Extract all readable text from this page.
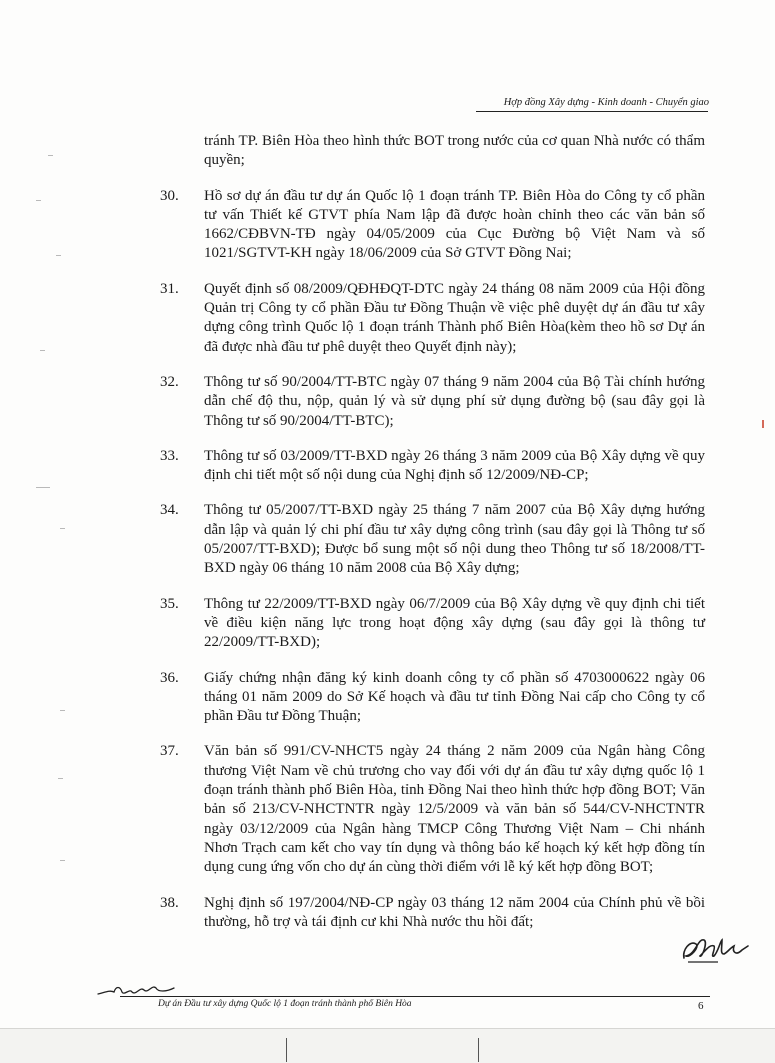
Hợp đồng Xây dựng - Kinh doanh - Chuyển giao

tránh TP. Biên Hòa theo hình thức BOT trong nước của cơ quan Nhà nước có thẩm quyền;

30.	Hồ sơ dự án đầu tư dự án Quốc lộ 1 đoạn tránh TP. Biên Hòa do Công ty cổ phần tư vấn Thiết kế GTVT phía Nam lập đã được hoàn chỉnh theo các văn bản số 1662/CĐBVN-TĐ ngày 04/05/2009 của Cục Đường bộ Việt Nam và số 1021/SGTVT-KH ngày 18/06/2009 của Sở GTVT Đồng Nai;
31.	Quyết định số 08/2009/QĐHĐQT-DTC ngày 24 tháng 08 năm 2009 của Hội đồng Quản trị Công ty cổ phần Đầu tư Đồng Thuận về việc phê duyệt dự án đầu tư xây dựng công trình Quốc lộ 1 đoạn tránh Thành phố Biên Hòa(kèm theo hồ sơ Dự án đã được nhà đầu tư phê duyệt theo Quyết định này);
32.	Thông tư số 90/2004/TT-BTC ngày 07 tháng 9 năm 2004 của Bộ Tài chính hướng dẫn chế độ thu, nộp, quản lý và sử dụng phí sử dụng đường bộ (sau đây gọi là Thông tư số 90/2004/TT-BTC);
33.	Thông tư số 03/2009/TT-BXD ngày 26 tháng 3 năm 2009 của Bộ Xây dựng về quy định chi tiết một số nội dung của Nghị định số 12/2009/NĐ-CP;
34.	Thông tư 05/2007/TT-BXD ngày 25 tháng 7 năm 2007 của Bộ Xây dựng hướng dẫn lập và quản lý chi phí đầu tư xây dựng công trình (sau đây gọi là Thông tư số 05/2007/TT-BXD); Được bổ sung một số nội dung theo Thông tư số 18/2008/TT-BXD ngày 06 tháng 10 năm 2008 của Bộ Xây dựng;
35.	Thông tư 22/2009/TT-BXD ngày 06/7/2009 của Bộ Xây dựng về quy định chi tiết về điều kiện năng lực trong hoạt động xây dựng (sau đây gọi là thông tư 22/2009/TT-BXD);
36.	Giấy chứng nhận đăng ký kinh doanh công ty cổ phần số 4703000622 ngày 06 tháng 01 năm 2009 do Sở Kế hoạch và đầu tư tỉnh Đồng Nai cấp cho Công ty cổ phần Đầu tư Đồng Thuận;
37.	Văn bản số 991/CV-NHCT5 ngày 24 tháng 2 năm 2009 của Ngân hàng Công thương Việt Nam về chủ trương cho vay đối với dự án đầu tư xây dựng quốc lộ 1 đoạn tránh thành phố Biên Hòa, tỉnh Đồng Nai theo hình thức hợp đồng BOT; Văn bản số 213/CV-NHCTNTR ngày 12/5/2009 và văn bản số 544/CV-NHCTNTR ngày 03/12/2009 của Ngân hàng TMCP Công Thương Việt Nam – Chi nhánh Nhơn Trạch cam kết cho vay tín dụng và thông báo kế hoạch ký kết hợp đồng tín dụng cung ứng vốn cho dự án cùng thời điểm với lễ ký kết hợp đồng BOT;
38.	Nghị định số 197/2004/NĐ-CP ngày 03 tháng 12 năm 2004 của Chính phủ về bồi thường, hỗ trợ và tái định cư khi Nhà nước thu hồi đất;
Dự án Đầu tư xây dựng Quốc lộ 1 đoạn tránh thành phố Biên Hòa	6
